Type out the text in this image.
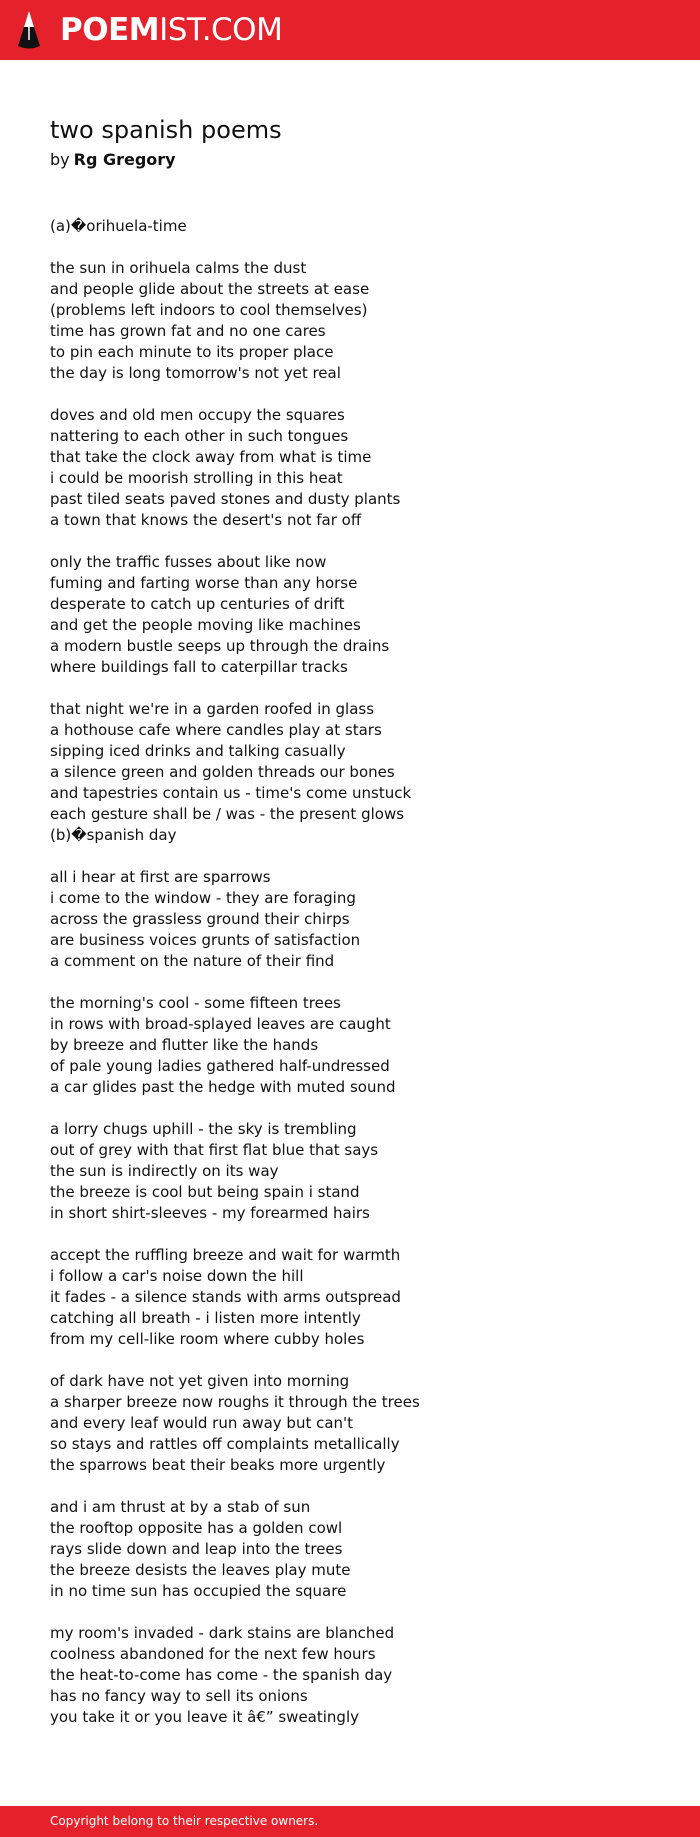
POEMIST.COM
two spanish poems
by Rg Gregory
(a)�orihuela-time
the sun in orihuela calms the dust
and people glide about the streets at ease
(problems left indoors to cool themselves)
time has grown fat and no one cares
to pin each minute to its proper place
the day is long tomorrow's not yet real
doves and old men occupy the squares
nattering to each other in such tongues
that take the clock away from what is time
i could be moorish strolling in this heat
past tiled seats paved stones and dusty plants
a town that knows the desert's not far off
only the traffic fusses about like now
fuming and farting worse than any horse
desperate to catch up centuries of drift
and get the people moving like machines
a modern bustle seeps up through the drains
where buildings fall to caterpillar tracks
that night we're in a garden roofed in glass
a hothouse cafe where candles play at stars
sipping iced drinks and talking casually
a silence green and golden threads our bones
and tapestries contain us - time's come unstuck
each gesture shall be / was - the present glows
(b)�spanish day
all i hear at first are sparrows
i come to the window - they are foraging
across the grassless ground their chirps
are business voices grunts of satisfaction
a comment on the nature of their find
the morning's cool - some fifteen trees
in rows with broad-splayed leaves are caught
by breeze and flutter like the hands
of pale young ladies gathered half-undressed
a car glides past the hedge with muted sound
a lorry chugs uphill - the sky is trembling
out of grey with that first flat blue that says
the sun is indirectly on its way
the breeze is cool but being spain i stand
in short shirt-sleeves - my forearmed hairs
accept the ruffling breeze and wait for warmth
i follow a car's noise down the hill
it fades - a silence stands with arms outspread
catching all breath - i listen more intently
from my cell-like room where cubby holes
of dark have not yet given into morning
a sharper breeze now roughs it through the trees
and every leaf would run away but can't
so stays and rattles off complaints metallically
the sparrows beat their beaks more urgently
and i am thrust at by a stab of sun
the rooftop opposite has a golden cowl
rays slide down and leap into the trees
the breeze desists the leaves play mute
in no time sun has occupied the square
my room's invaded - dark stains are blanched
coolness abandoned for the next few hours
the heat-to-come has come - the spanish day
has no fancy way to sell its onions
you take it or you leave it â€” sweatingly
Copyright belong to their respective owners.
